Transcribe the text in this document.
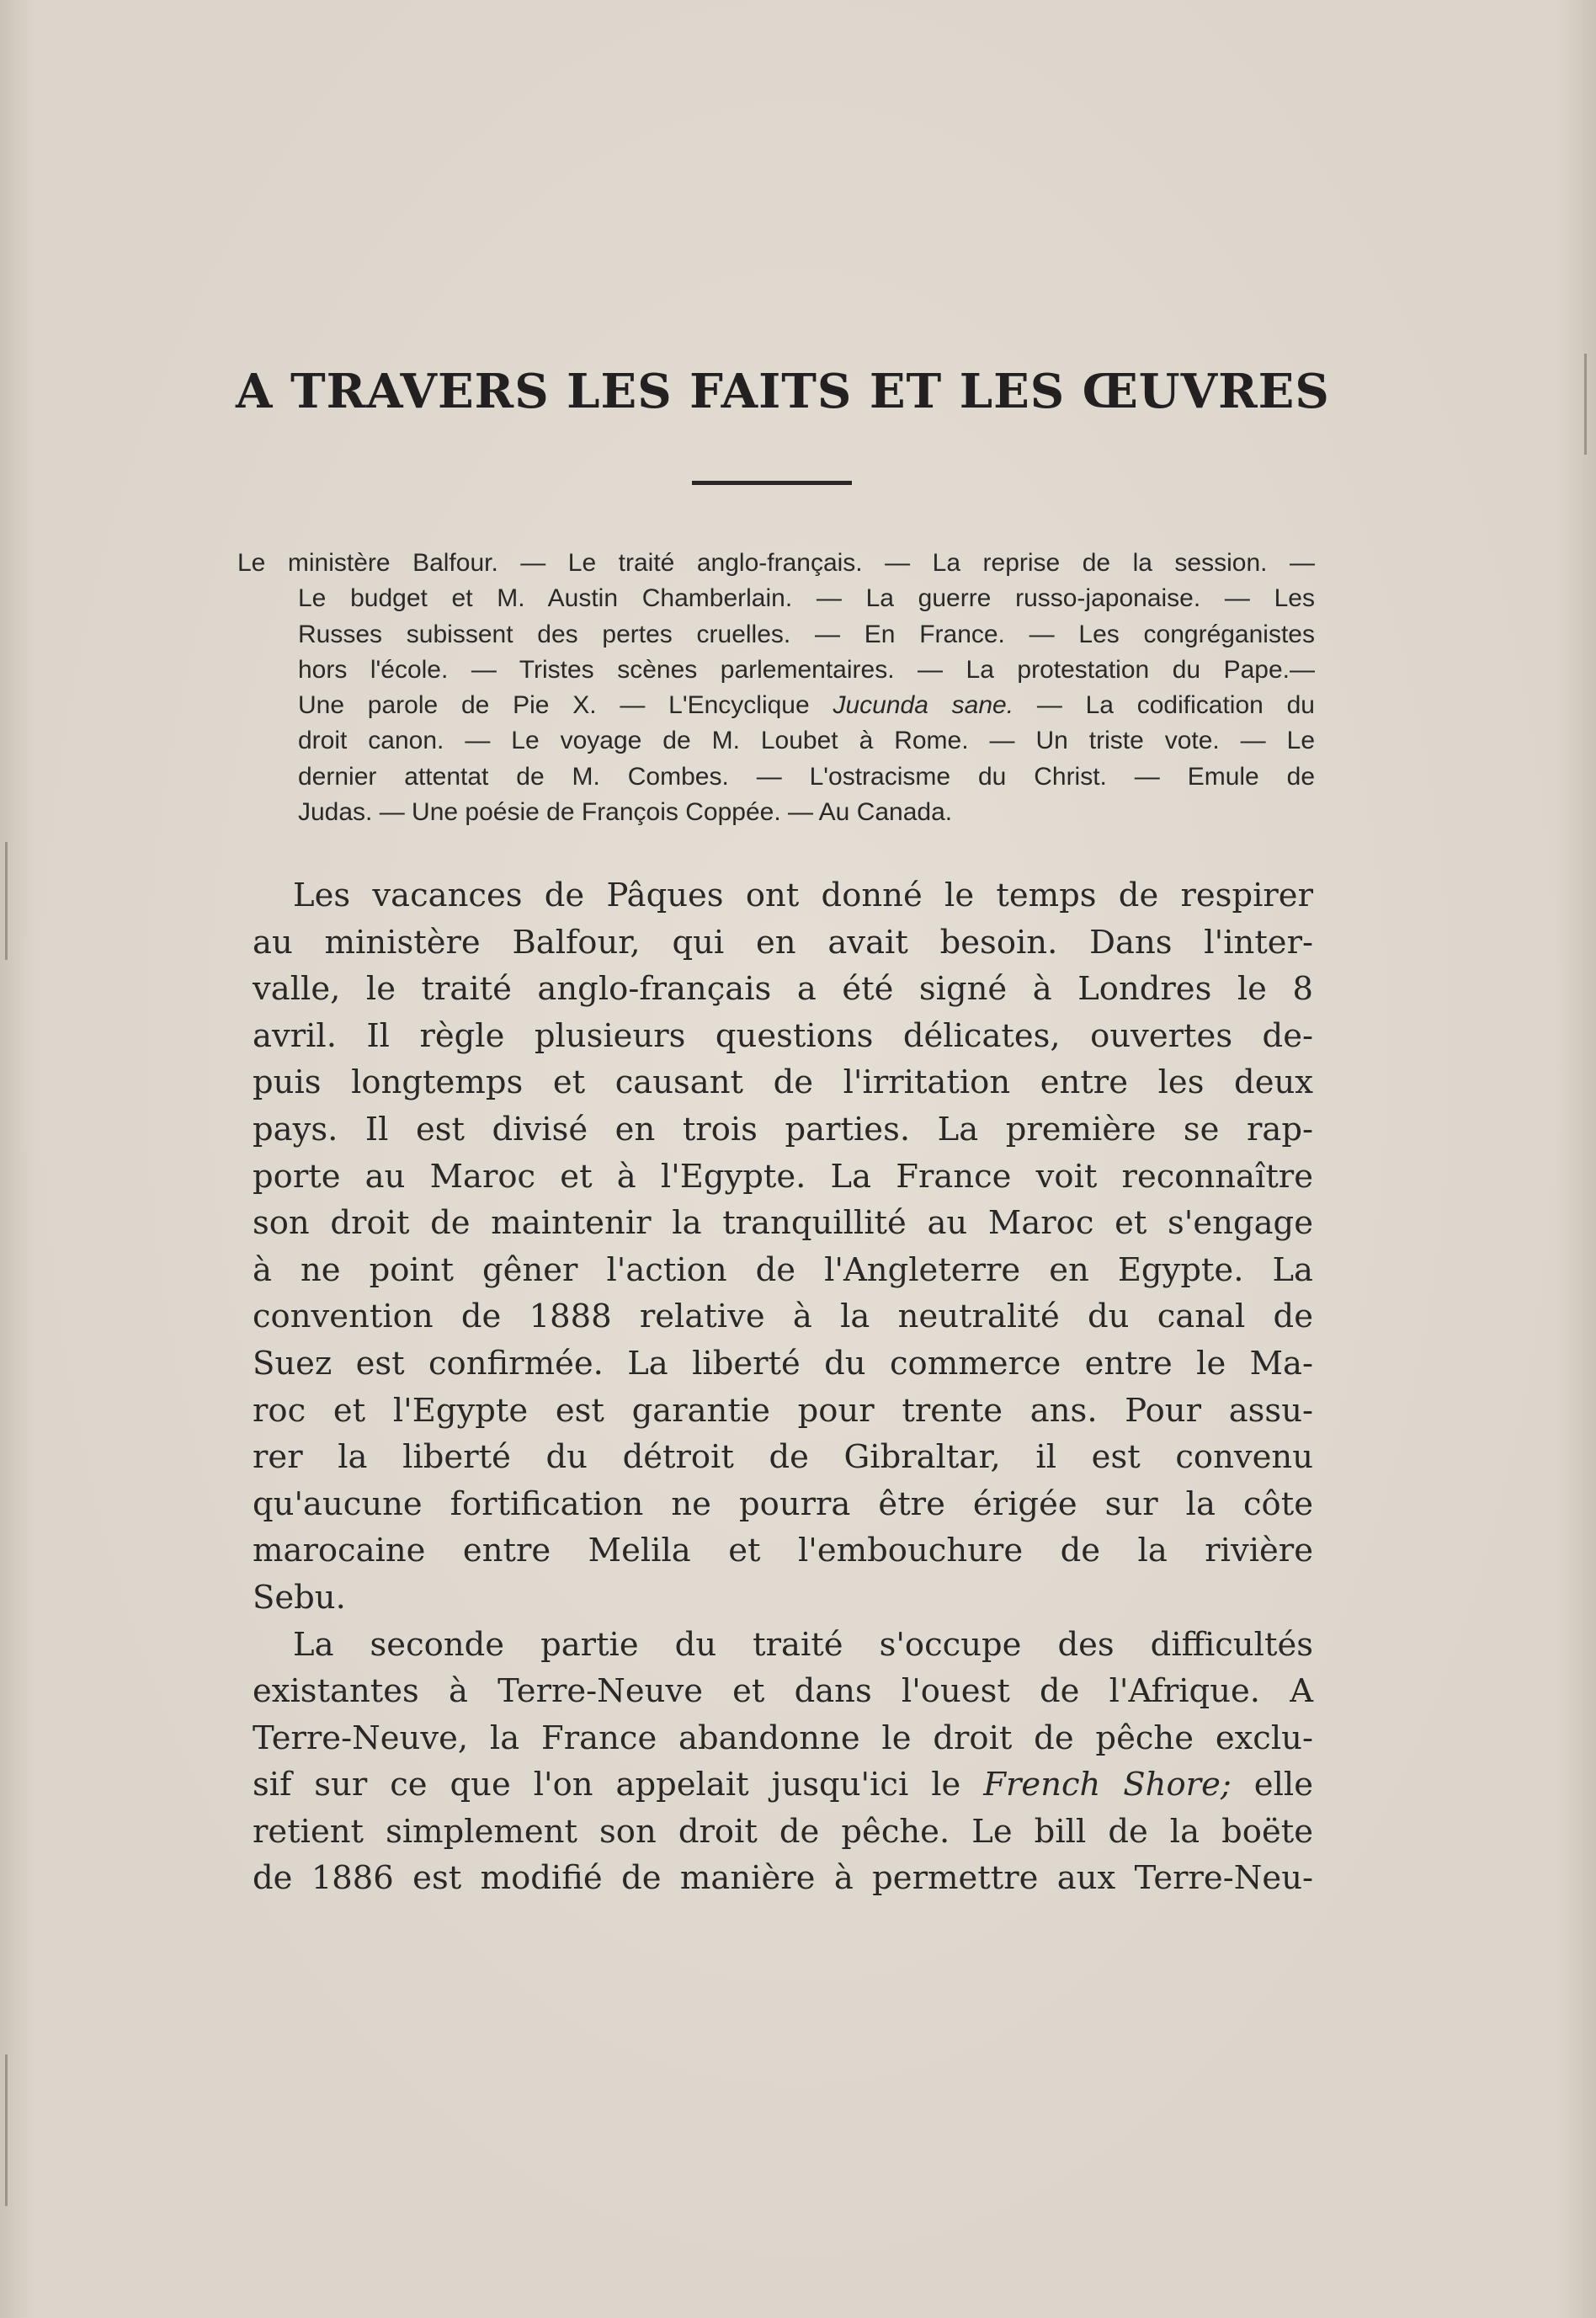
A TRAVERS LES FAITS ET LES ŒUVRES
Le ministère Balfour. — Le traité anglo-français. — La reprise de la session. —
Le budget et M. Austin Chamberlain. — La guerre russo-japonaise. — Les
Russes subissent des pertes cruelles. — En France. — Les congréganistes
hors l'école. — Tristes scènes parlementaires. — La protestation du Pape.—
Une parole de Pie X. — L'Encyclique Jucunda sane. — La codification du
droit canon. — Le voyage de M. Loubet à Rome. — Un triste vote. — Le
dernier attentat de M. Combes. — L'ostracisme du Christ. — Emule de
Judas. — Une poésie de François Coppée. — Au Canada.
Les vacances de Pâques ont donné le temps de respirer
au ministère Balfour, qui en avait besoin. Dans l'inter-
valle, le traité anglo-français a été signé à Londres le 8
avril. Il règle plusieurs questions délicates, ouvertes de-
puis longtemps et causant de l'irritation entre les deux
pays. Il est divisé en trois parties. La première se rap-
porte au Maroc et à l'Egypte. La France voit reconnaître
son droit de maintenir la tranquillité au Maroc et s'engage
à ne point gêner l'action de l'Angleterre en Egypte. La
convention de 1888 relative à la neutralité du canal de
Suez est confirmée. La liberté du commerce entre le Ma-
roc et l'Egypte est garantie pour trente ans. Pour assu-
rer la liberté du détroit de Gibraltar, il est convenu
qu'aucune fortification ne pourra être érigée sur la côte
marocaine entre Melila et l'embouchure de la rivière
Sebu.
La seconde partie du traité s'occupe des difficultés
existantes à Terre-Neuve et dans l'ouest de l'Afrique. A
Terre-Neuve, la France abandonne le droit de pêche exclu-
sif sur ce que l'on appelait jusqu'ici le French Shore; elle
retient simplement son droit de pêche. Le bill de la boëte
de 1886 est modifié de manière à permettre aux Terre-Neu-
